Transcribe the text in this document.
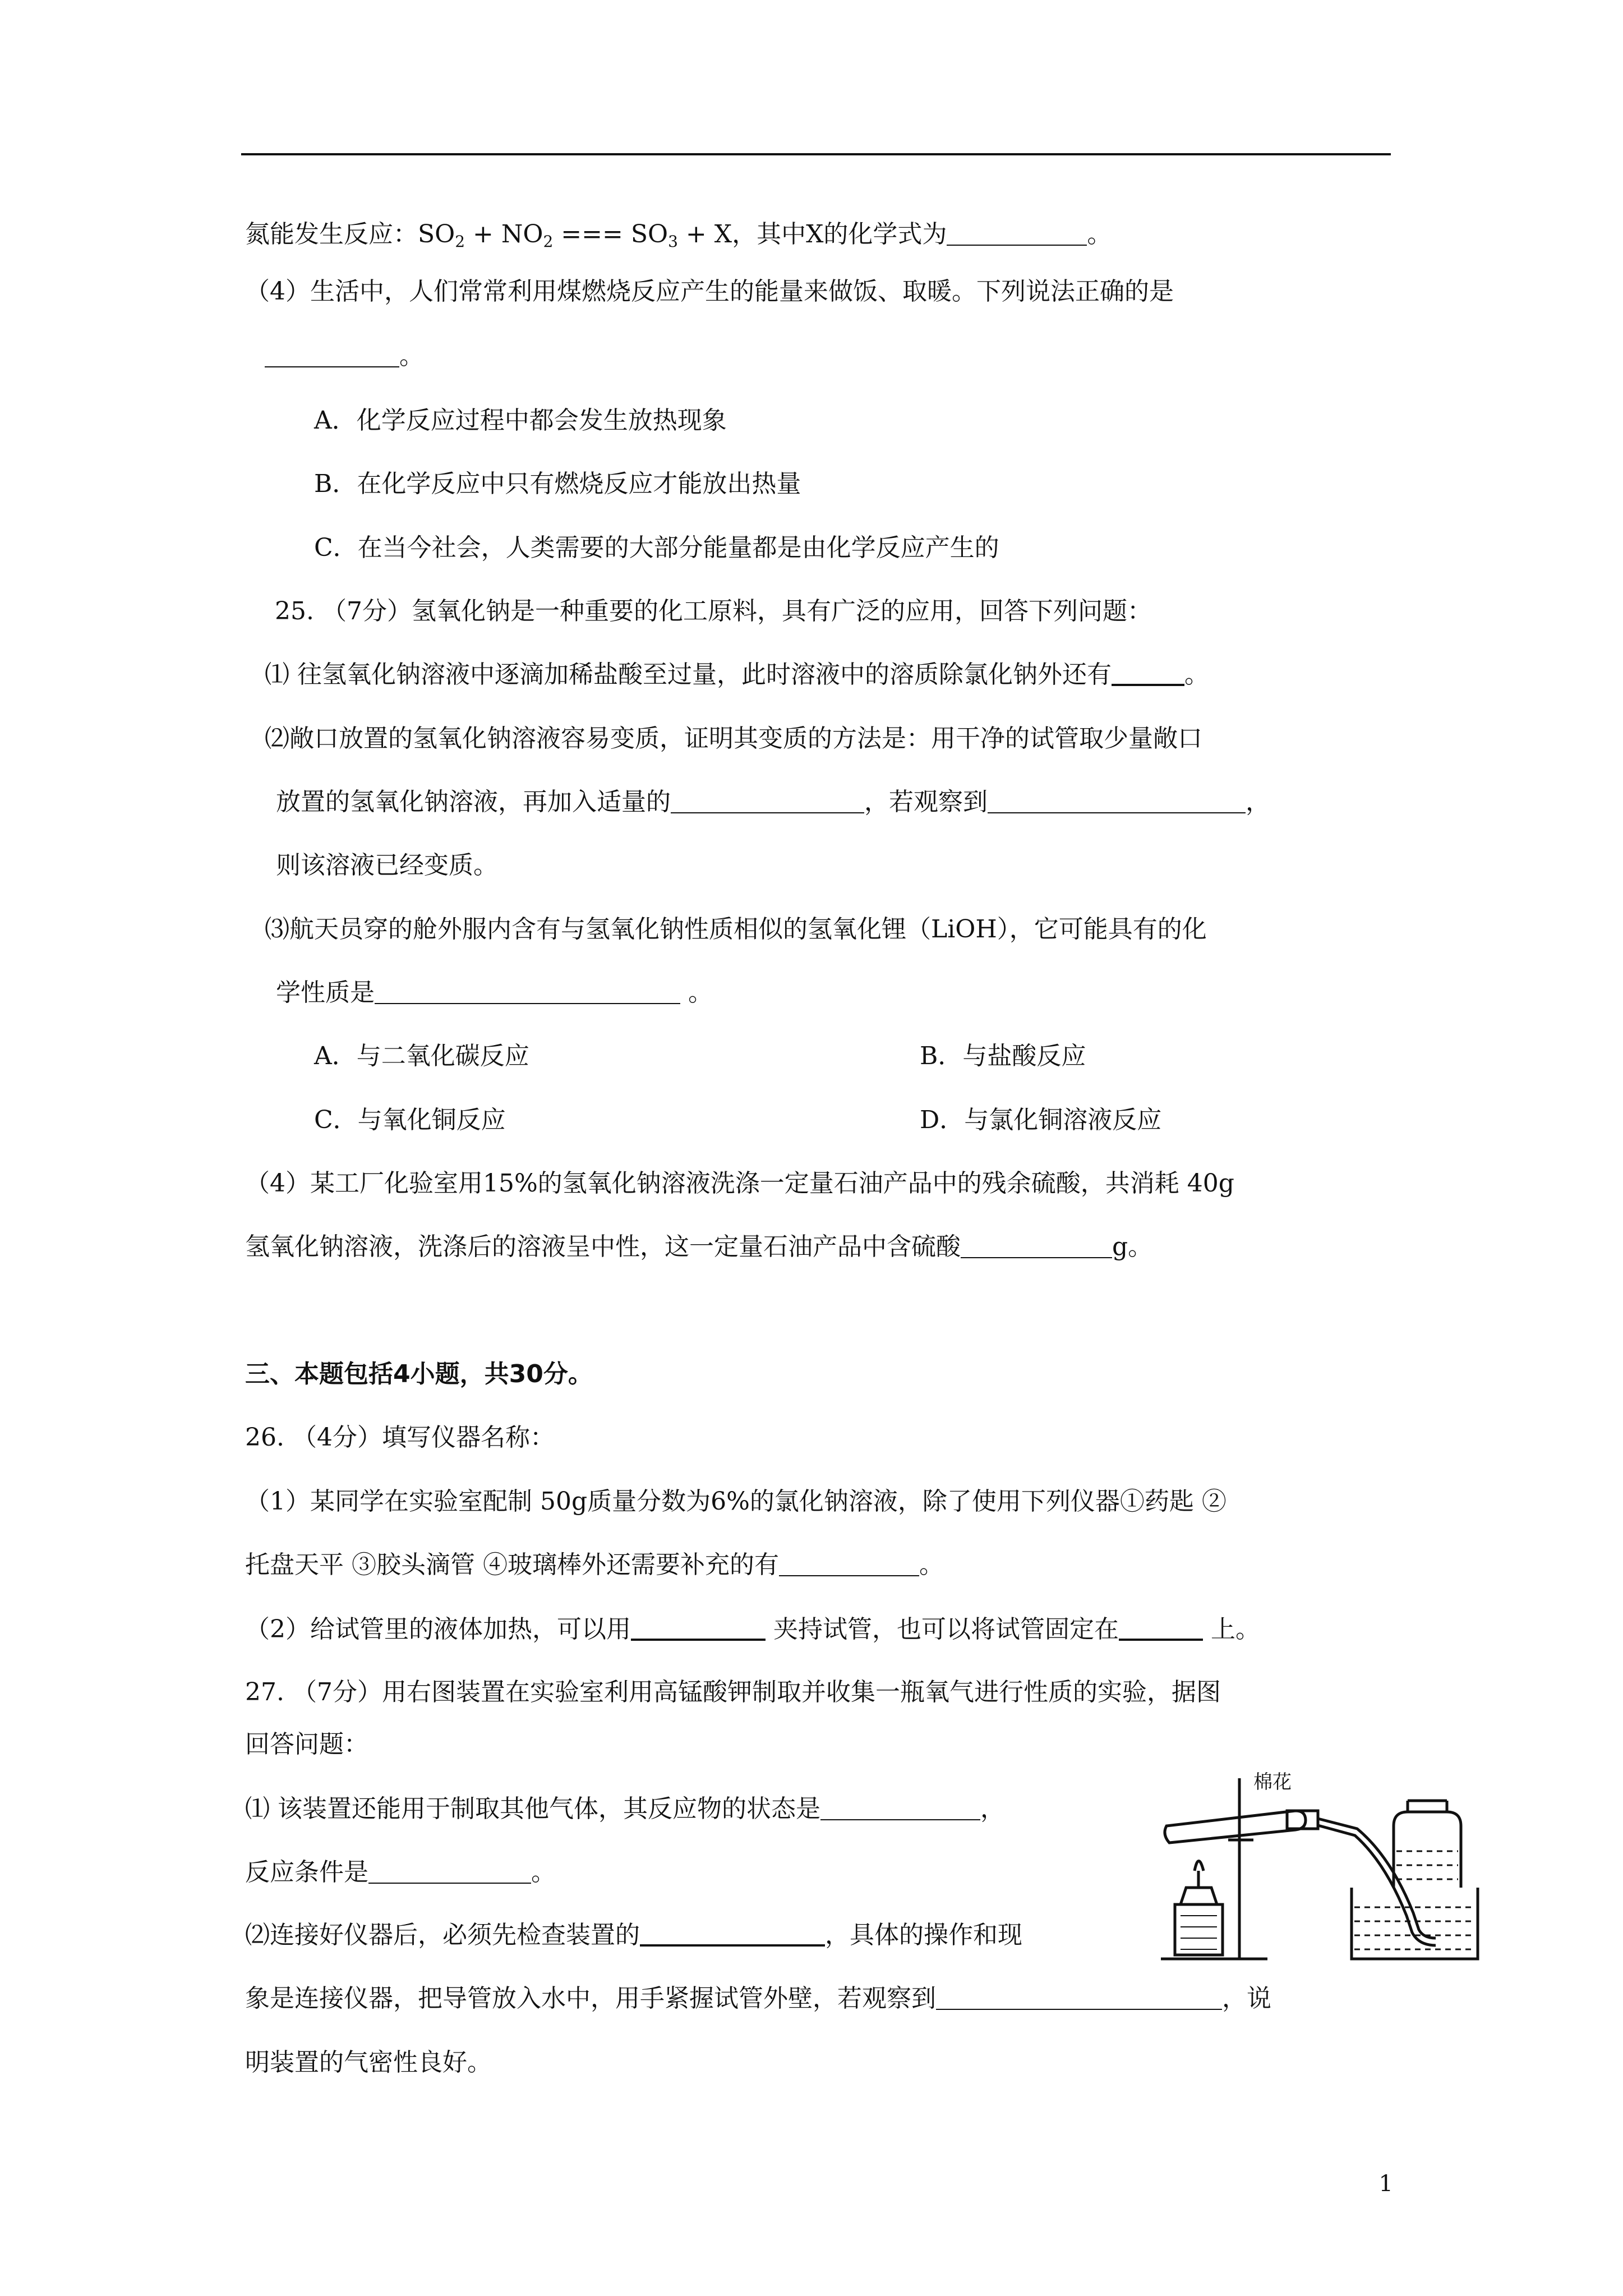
氮能发生反应：$SO_2 + NO_2$ === $SO_3 + X$，其中X的化学式为	。
（4）生活中，人们常常利用煤燃烧反应产生的能量来做饭、取暖。下列说法正确的是
。
A．化学反应过程中都会发生放热现象
B．在化学反应中只有燃烧反应才能放出热量
C．在当今社会，人类需要的大部分能量都是由化学反应产生的
25. （7分）氢氧化钠是一种重要的化工原料，具有广泛的应用，回答下列问题：
⑴ 往氢氧化钠溶液中逐滴加稀盐酸至过量，此时溶液中的溶质除氯化钠外还有	。
⑵敞口放置的氢氧化钠溶液容易变质，证明其变质的方法是：用干净的试管取少量敞口
放置的氢氧化钠溶液，再加入适量的	，若观察到	，
则该溶液已经变质。
⑶航天员穿的舱外服内含有与氢氧化钠性质相似的氢氧化锂（LiOH），它可能具有的化
学性质是	。
A．与二氧化碳反应	B．与盐酸反应
C．与氧化铜反应	D．与氯化铜溶液反应
（4）某工厂化验室用15%的氢氧化钠溶液洗涤一定量石油产品中的残余硫酸，共消耗 40g
氢氧化钠溶液，洗涤后的溶液呈中性，这一定量石油产品中含硫酸	g。
三、本题包括4小题，共30分。
26. （4分）填写仪器名称：
（1）某同学在实验室配制 50g质量分数为6%的氯化钠溶液，除了使用下列仪器①药匙 ②
托盘天平 ③胶头滴管 ④玻璃棒外还需要补充的有	。
（2）给试管里的液体加热，可以用	夹持试管，也可以将试管固定在	上。
27. （7分）用右图装置在实验室利用高锰酸钾制取并收集一瓶氧气进行性质的实验，据图
回答问题：
⑴ 该装置还能用于制取其他气体，其反应物的状态是	，
反应条件是	。
⑵连接好仪器后，必须先检查装置的	，具体的操作和现
象是连接仪器，把导管放入水中，用手紧握试管外壁，若观察到	，说
明装置的气密性良好。
棉花
1
